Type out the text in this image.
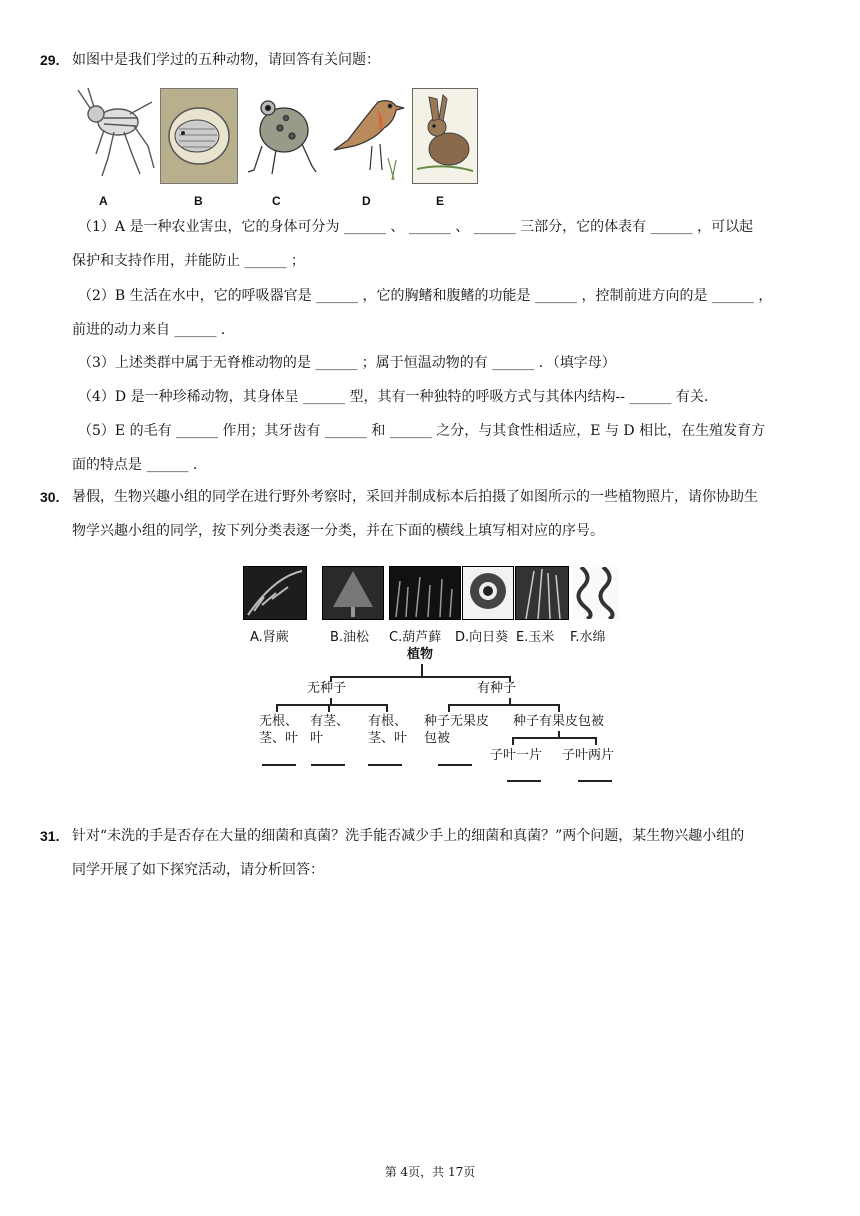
29. 如图中是我们学过的五种动物，请回答有关问题：
A	B	C	D	E
（1）A 是一种农业害虫，它的身体可分为 ______ 、 ______ 、 ______ 三部分，它的体表有 ______ ，可以起
保护和支持作用，并能防止 ______ ；
（2）B 生活在水中，它的呼吸器官是 ______ ，它的胸鳍和腹鳍的功能是 ______ ，控制前进方向的是 ______ ，
前进的动力来自 ______ ．
（3）上述类群中属于无脊椎动物的是 ______ ；属于恒温动物的有 ______ ．（填字母）
（4）D 是一种珍稀动物，其身体呈 ______ 型，其有一种独特的呼吸方式与其体内结构-- ______ 有关.
（5）E 的毛有 ______ 作用；其牙齿有 ______ 和 ______ 之分，与其食性相适应，E 与 D 相比，在生殖发育方
面的特点是 ______ .
30. 暑假，生物兴趣小组的同学在进行野外考察时，采回并制成标本后拍摄了如图所示的一些植物照片，请你协助生
物学兴趣小组的同学，按下列分类表逐一分类，并在下面的横线上填写相对应的序号。
A.肾蕨	B.油松 C.葫芦藓 D.向日葵 E.玉米 F.水绵
植物
无种子	有种子
无根、
茎、叶
有茎、
叶
有根、
茎、叶
种子无果皮
包被
种子有果皮包被
子叶一片 子叶两片
31. 针对“未洗的手是否存在大量的细菌和真菌？洗手能否减少手上的细菌和真菌？”两个问题，某生物兴趣小组的
同学开展了如下探究活动，请分析回答：
第 4页，共 17页
